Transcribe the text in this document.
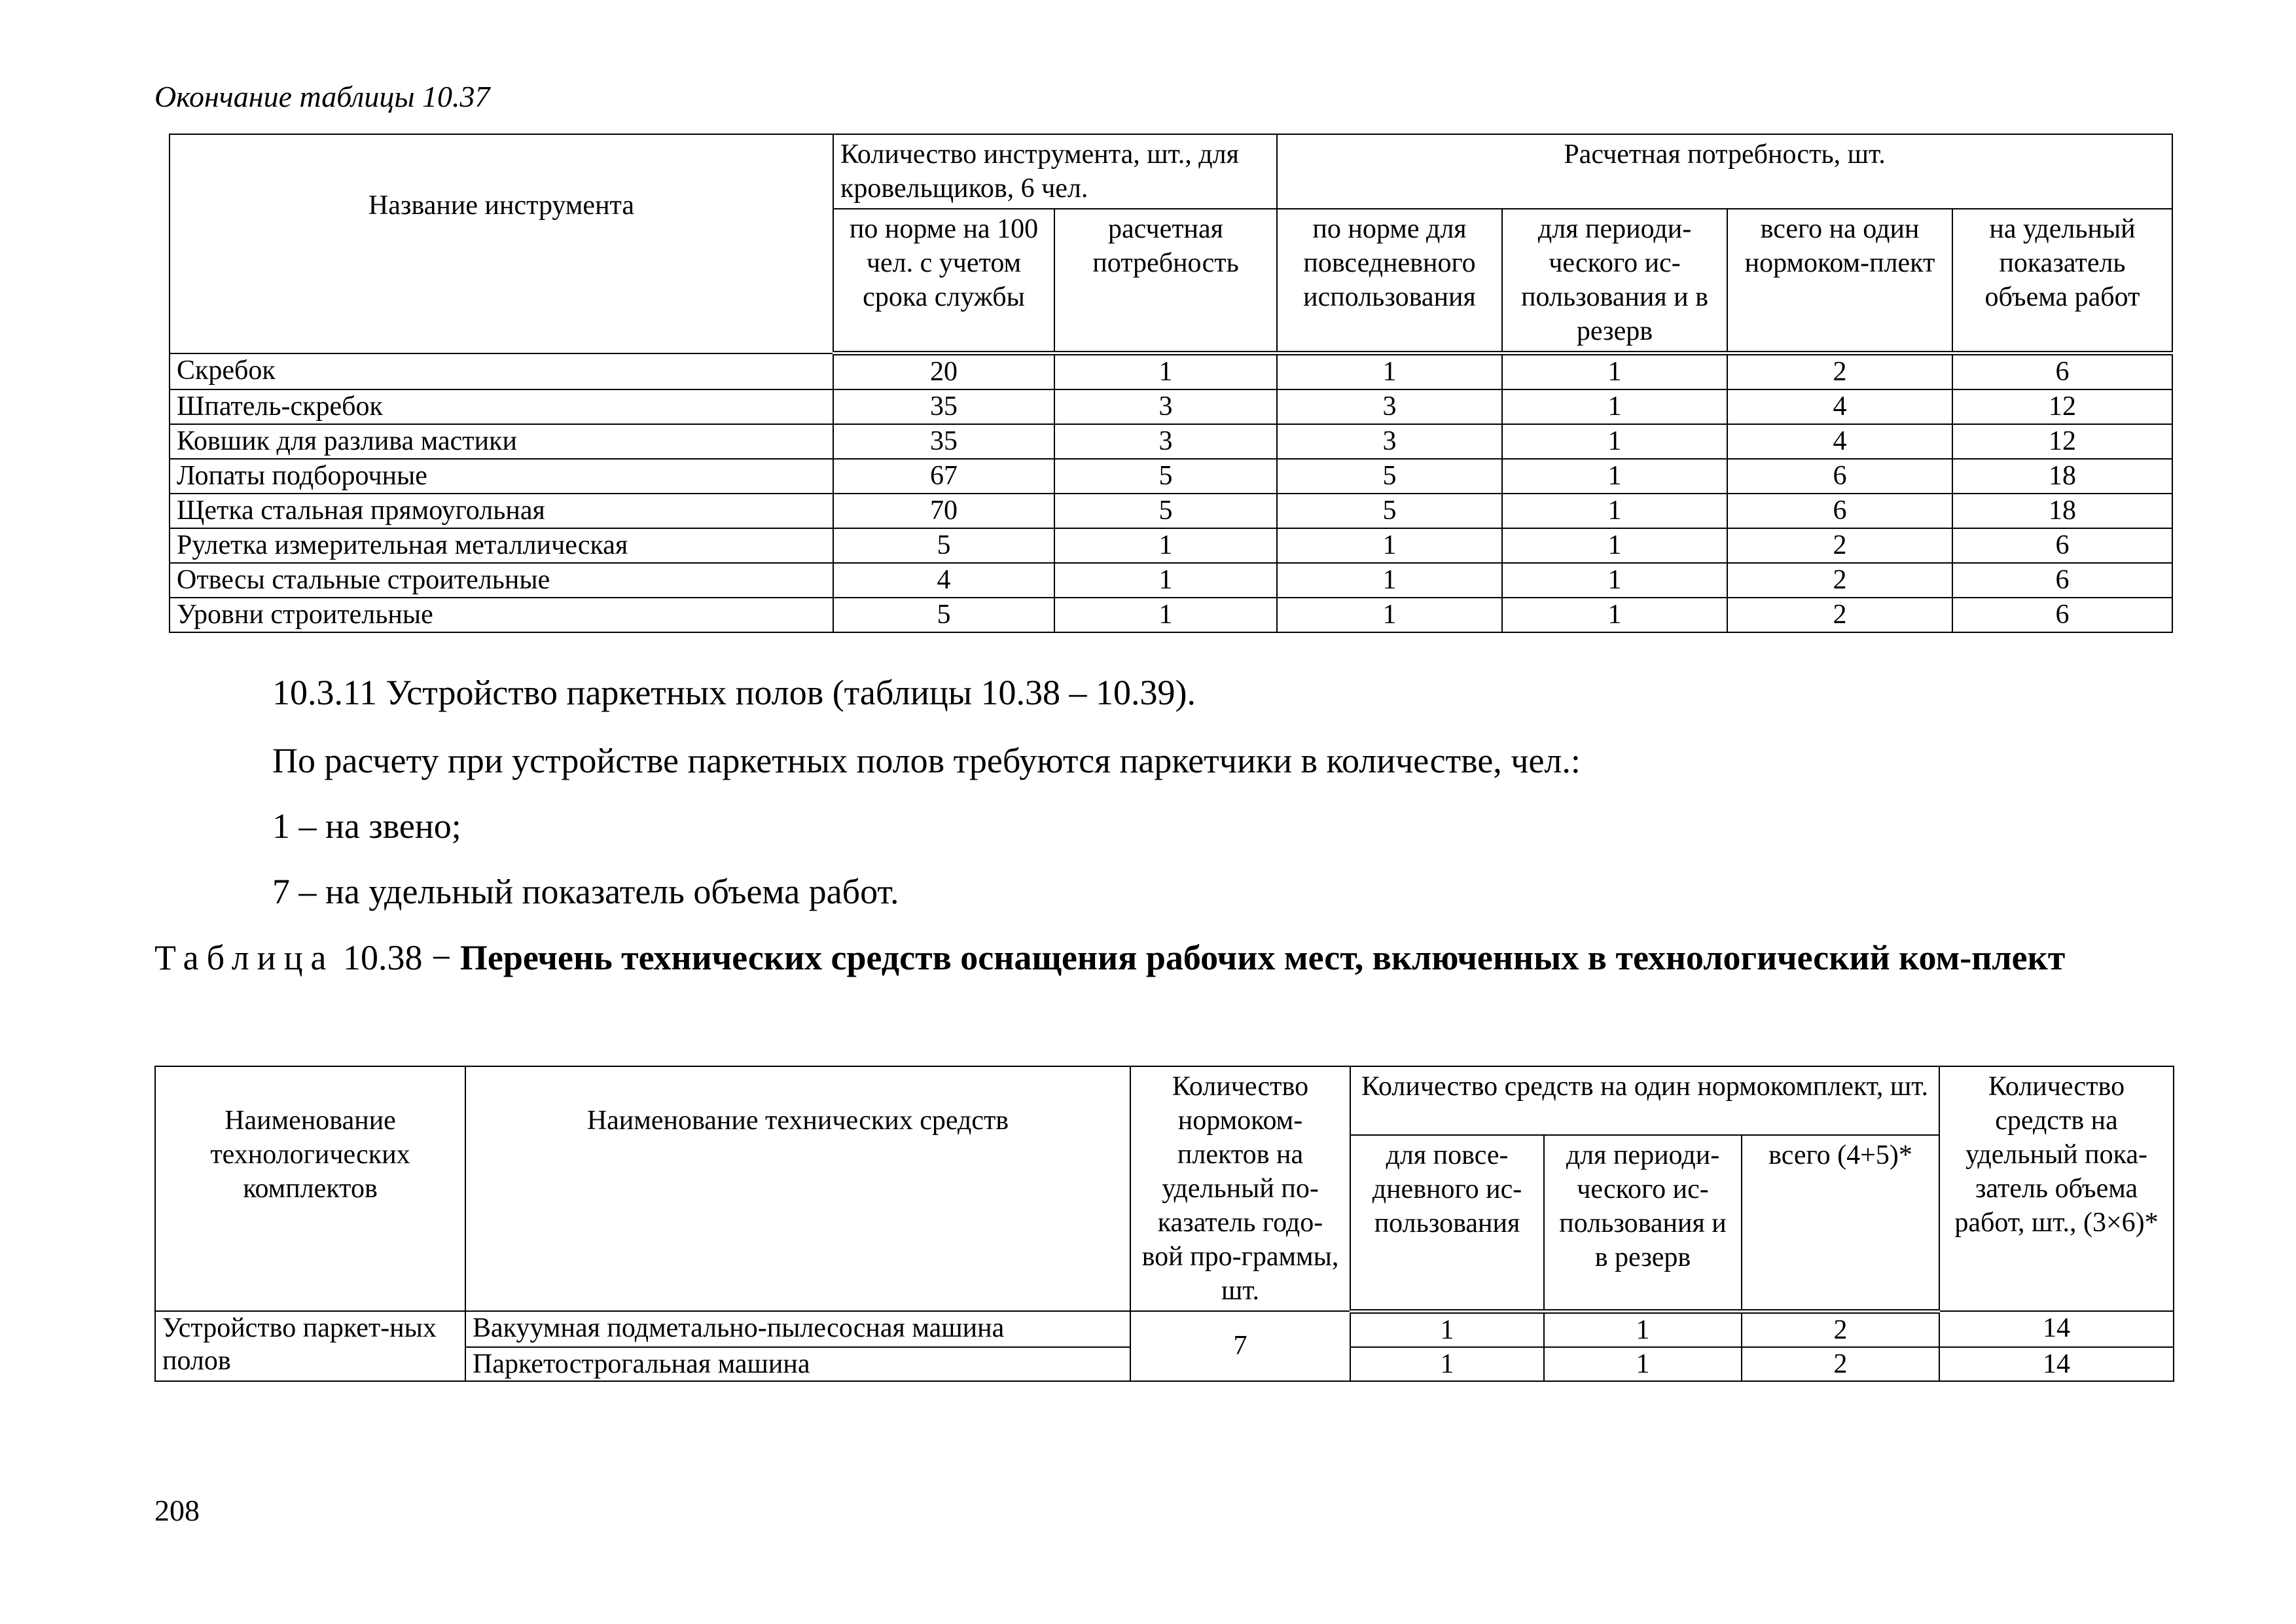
Окончание таблицы 10.37
Название инструмента	Количество инструмента, шт., для кровельщиков, 6 чел.		Расчетная потребность, шт.			
	по норме на 100 чел. с учетом срока службы	расчетная потребность	по норме для повседневного использования	для периоди-ческого ис-пользования и в резерв	всего на один нормоком-плект	на удельный показатель объема работ
Скребок	20	1	1	1	2	6
Шпатель-скребок	35	3	3	1	4	12
Ковшик для разлива мастики	35	3	3	1	4	12
Лопаты подборочные	67	5	5	1	6	18
Щетка стальная прямоугольная	70	5	5	1	6	18
Рулетка измерительная металлическая	5	1	1	1	2	6
Отвесы стальные строительные	4	1	1	1	2	6
Уровни строительные	5	1	1	1	2	6
10.3.11 Устройство паркетных полов (таблицы 10.38 – 10.39).
По расчету при устройстве паркетных полов требуются паркетчики в количестве, чел.:
1 – на звено;
7 – на удельный показатель объема работ.
Таблица 10.38 − Перечень технических средств оснащения рабочих мест, включенных в технологический ком-плект
Наименование технологических комплектов	Наименование технических средств	Количество нормоком-плектов на удельный по-казатель годо-вой про-граммы, шт.	Количество средств на один нормокомплект, шт.			Количество средств на удельный пока-затель объема работ, шт., (3×6)*
			для повсе-дневного ис-пользования	для периоди-ческого ис-пользования и в резерв	всего (4+5)*	
Устройство паркет-ных полов	Вакуумная подметально-пылесосная машина	7	1	1	2	14
	Паркетострогальная машина		1	1	2	14
208
